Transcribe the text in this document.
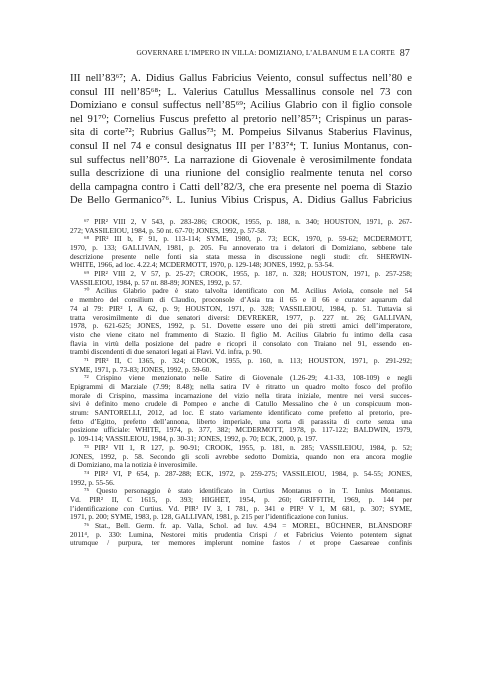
GOVERNARE L’IMPERO IN VILLA: DOMIZIANO, L’ALBANUM E LA CORTE 87
III nell’83⁶⁷; A. Didius Gallus Fabricius Veiento, consul suffectus nell’80 e
consul III nell’85⁶⁸; L. Valerius Catullus Messallinus console nel 73 con
Domiziano e consul suffectus nell’85⁶⁹; Acilius Glabrio con il figlio console
nel 91⁷⁰; Cornelius Fuscus prefetto al pretorio nell’85⁷¹; Crispinus un paras-
sita di corte⁷²; Rubrius Gallus⁷³; M. Pompeius Silvanus Staberius Flavinus,
consul II nel 74 e consul designatus III per l’83⁷⁴; T. Iunius Montanus, con-
sul suffectus nell’80⁷⁵. La narrazione di Giovenale è verosimilmente fondata
sulla descrizione di una riunione del consiglio realmente tenuta nel corso
della campagna contro i Catti dell’82/3, che era presente nel poema di Stazio
De Bello Germanico⁷⁶. L. Iunius Vibius Crispus, A. Didius Gallus Fabricius
⁶⁷ PIR² VIII 2, V 543, p. 283-286; CROOK, 1955, p. 188, n. 340; HOUSTON, 1971, p. 267-
272; VASSILEIOU, 1984, p. 50 nt. 67-70; JONES, 1992, p. 57-58.
⁶⁸ PIR² III b, F 91, p. 113-114; SYME, 1980, p. 73; ECK, 1970, p. 59-62; MCDERMOTT,
1970, p. 133; GALLIVAN, 1981, p. 205. Fu annoverato tra i delatori di Domiziano, sebbene tale
descrizione presente nelle fonti sia stata messa in discussione negli studi: cfr. SHERWIN-
WHITE, 1966, ad loc. 4.22.4; MCDERMOTT, 1970, p. 129-148; JONES, 1992, p. 53-54.
⁶⁹ PIR² VIII 2, V 57, p. 25-27; CROOK, 1955, p. 187, n. 328; HOUSTON, 1971, p. 257-258;
VASSILEIOU, 1984, p. 57 nt. 88-89; JONES, 1992, p. 57.
⁷⁰ Acilius Glabrio padre è stato talvolta identificato con M. Acilius Aviola, console nel 54
e membro del consilium di Claudio, proconsole d’Asia tra il 65 e il 66 e curator aquarum dal
74 al 79: PIR² I, A 62, p. 9; HOUSTON, 1971, p. 328; VASSILEIOU, 1984, p. 51. Tuttavia si
tratta verosimilmente di due senatori diversi: DEVREKER, 1977, p. 227 nt. 26; GALLIVAN,
1978, p. 621-625; JONES, 1992, p. 51. Dovette essere uno dei più stretti amici dell’imperatore,
visto che viene citato nel frammento di Stazio. Il figlio M. Acilius Glabrio fu intimo della casa
flavia in virtù della posizione del padre e ricoprì il consolato con Traiano nel 91, essendo en-
trambi discendenti di due senatori legati ai Flavi. Vd. infra, p. 90.
⁷¹ PIR² II, C 1365, p. 324; CROOK, 1955, p. 160, n. 113; HOUSTON, 1971, p. 291-292;
SYME, 1971, p. 73-83; JONES, 1992, p. 59-60.
⁷² Crispino viene menzionato nelle Satire di Giovenale (1.26-29; 4.1-33, 108-109) e negli
Epigrammi di Marziale (7.99; 8.48); nella satira IV è ritratto un quadro molto fosco del profilo
morale di Crispino, massima incarnazione del vizio nella tirata iniziale, mentre nei versi succes-
sivi è definito meno crudele di Pompeo e anche di Catullo Messalino che è un conspicuum mon-
strum: SANTORELLI, 2012, ad loc. È stato variamente identificato come prefetto al pretorio, pre-
fetto d’Egitto, prefetto dell’annona, liberto imperiale, una sorta di parassita di corte senza una
posizione ufficiale: WHITE, 1974, p. 377, 382; MCDERMOTT, 1978, p. 117-122; BALDWIN, 1979,
p. 109-114; VASSILEIOU, 1984, p. 30-31; JONES, 1992, p. 70; ECK, 2000, p. 197.
⁷³ PIR² VII 1, R 127, p. 90-91; CROOK, 1955, p. 181, n. 285; VASSILEIOU, 1984, p. 52;
JONES, 1992, p. 58. Secondo gli scoli avrebbe sedotto Domizia, quando non era ancora moglie
di Domiziano, ma la notizia è inverosimile.
⁷⁴ PIR² VI, P 654, p. 287-288; ECK, 1972, p. 259-275; VASSILEIOU, 1984, p. 54-55; JONES,
1992, p. 55-56.
⁷⁵ Questo personaggio è stato identificato in Curtius Montanus o in T. Iunius Montanus.
Vd. PIR² II, C 1615, p. 393; HIGHET, 1954, p. 260; GRIFFITH, 1969, p. 144 per
l’identificazione con Curtius. Vd. PIR² IV 3, I 781, p. 341 e PIR² V 1, M 681, p. 307; SYME,
1971, p. 200; SYME, 1983, p. 128, GALLIVAN, 1981, p. 215 per l’identificazione con Iunius.
⁷⁶ Stat., Bell. Germ. fr. ap. Valla, Schol. ad Iuv. 4.94 = MOREL, BÜCHNER, BLÄNSDORF
2011⁴, p. 330: Lumina, Nestorei mitis prudentia Crispi / et Fabricius Veiento potentem signat
utrumque / purpura, ter memores implerunt nomine fastos / et prope Caesareae confinis
